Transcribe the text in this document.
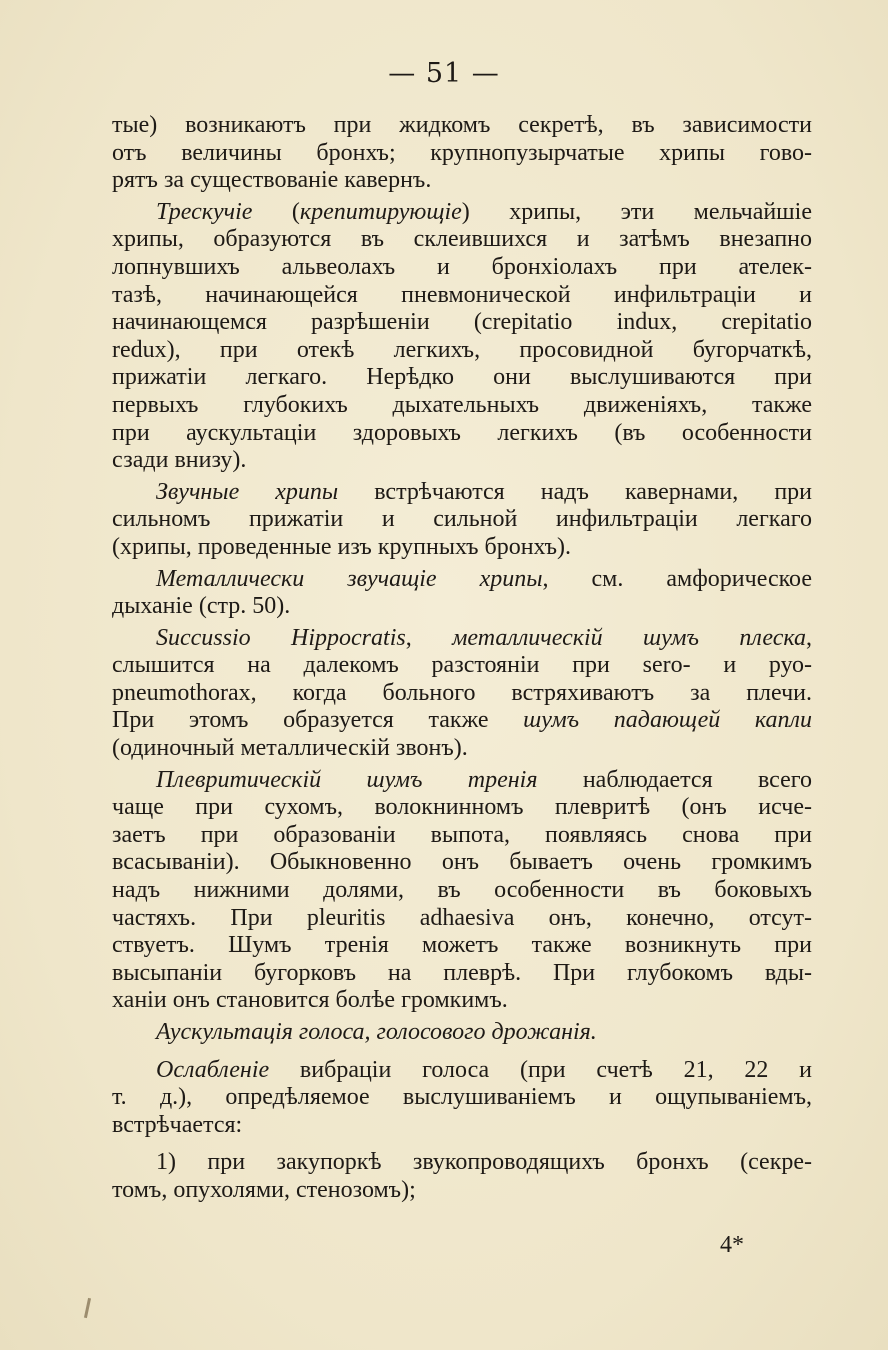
— 51 —
тые) возникаютъ при жидкомъ секретѣ, въ зависимости
отъ величины бронхъ; крупнопузырчатые хрипы гово-
рятъ за существованіе кавернъ.
Трескучіе (крепитирующіе) хрипы, эти мельчайшіе
хрипы, образуются въ склеившихся и затѣмъ внезапно
лопнувшихъ альвеолахъ и бронхіолахъ при ателек-
тазѣ, начинающейся пневмонической инфильтраціи и
начинающемся разрѣшеніи (crepitatio indux, crepitatio
redux), при отекѣ легкихъ, просовидной бугорчаткѣ,
прижатіи легкаго. Нерѣдко они выслушиваются при
первыхъ глубокихъ дыхательныхъ движеніяхъ, также
при аускультаціи здоровыхъ легкихъ (въ особенности
сзади внизу).
Звучные хрипы встрѣчаются надъ кавернами, при
сильномъ прижатіи и сильной инфильтраціи легкаго
(хрипы, проведенные изъ крупныхъ бронхъ).
Металлически звучащіе хрипы, см. амфорическое
дыханіе (стр. 50).
Succussio Hippocratis, металлическій шумъ плеска,
слышится на далекомъ разстояніи при sero- и руо-
pneumothorax, когда больного встряхиваютъ за плечи.
При этомъ образуется также шумъ падающей капли
(одиночный металлическій звонъ).
Плевритическій шумъ тренія наблюдается всего
чаще при сухомъ, волокнинномъ плевритѣ (онъ исче-
заетъ при образованіи выпота, появляясь снова при
всасываніи). Обыкновенно онъ бываетъ очень громкимъ
надъ нижними долями, въ особенности въ боковыхъ
частяхъ. При pleuritis adhaesiva онъ, конечно, отсут-
ствуетъ. Шумъ тренія можетъ также возникнуть при
высыпаніи бугорковъ на плеврѣ. При глубокомъ вды-
ханіи онъ становится болѣе громкимъ.
Аускультація голоса, голосового дрожанія.
Ослабленіе вибраціи голоса (при счетѣ 21, 22 и
т. д.), опредѣляемое выслушиваніемъ и ощупываніемъ,
встрѣчается:
1) при закупоркѣ звукопроводящихъ бронхъ (секре-
томъ, опухолями, стенозомъ);
4*
